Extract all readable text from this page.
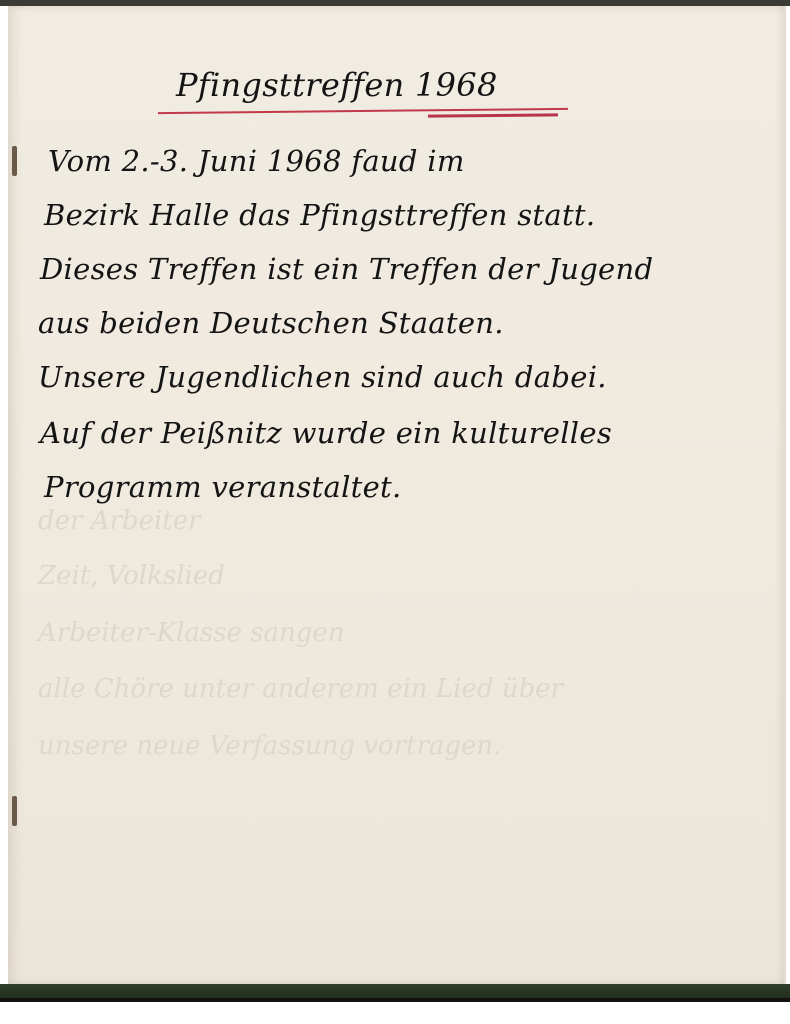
der Arbeiter
Zeit, Volkslied
Arbeiter-Klasse sangen
alle Chöre unter anderem ein Lied über
unsere neue Verfassung vortragen.
Pfingsttreffen 1968
Vom 2.-3. Juni 1968 faud im
Bezirk Halle das Pfingsttreffen statt.
Dieses Treffen ist ein Treffen der Jugend
aus beiden Deutschen Staaten.
Unsere Jugendlichen sind auch dabei.
Auf der Peißnitz wurde ein kulturelles
Programm veranstaltet.
